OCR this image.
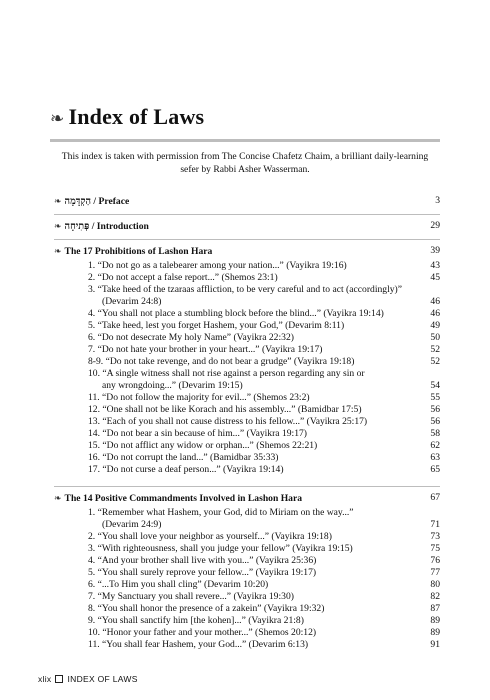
❧ Index of Laws
This index is taken with permission from The Concise Chafetz Chaim, a brilliant daily-learning sefer by Rabbi Asher Wasserman.
❧ הַקְדָּמָה / Preface	3
❧ פְּתִיחָה / Introduction	29
❧ The 17 Prohibitions of Lashon Hara	39
1. “Do not go as a talebearer among your nation...” (Vayikra 19:16)	43
2. “Do not accept a false report...” (Shemos 23:1)	45
3. “Take heed of the tzaraas affliction, to be very careful and to act (accordingly)”
(Devarim 24:8)	46
4. “You shall not place a stumbling block before the blind...” (Vayikra 19:14)	46
5. “Take heed, lest you forget Hashem, your God,” (Devarim 8:11)	49
6. “Do not desecrate My holy Name” (Vayikra 22:32)	50
7. “Do not hate your brother in your heart...” (Vayikra 19:17)	52
8-9. “Do not take revenge, and do not bear a grudge” (Vayikra 19:18)	52
10. “A single witness shall not rise against a person regarding any sin or
any wrongdoing...” (Devarim 19:15)	54
11. “Do not follow the majority for evil...” (Shemos 23:2)	55
12. “One shall not be like Korach and his assembly...” (Bamidbar 17:5)	56
13. “Each of you shall not cause distress to his fellow...” (Vayikra 25:17)	56
14. “Do not bear a sin because of him...” (Vayikra 19:17)	58
15. “Do not afflict any widow or orphan...” (Shemos 22:21)	62
16. “Do not corrupt the land...” (Bamidbar 35:33)	63
17. “Do not curse a deaf person...” (Vayikra 19:14)	65
❧ The 14 Positive Commandments Involved in Lashon Hara	67
1. “Remember what Hashem, your God, did to Miriam on the way...”
(Devarim 24:9)	71
2. “You shall love your neighbor as yourself...” (Vayikra 19:18)	73
3. “With righteousness, shall you judge your fellow” (Vayikra 19:15)	75
4. “And your brother shall live with you...” (Vayikra 25:36)	76
5. “You shall surely reprove your fellow...” (Vayikra 19:17)	77
6. “...To Him you shall cling” (Devarim 10:20)	80
7. “My Sanctuary you shall revere...” (Vayikra 19:30)	82
8. “You shall honor the presence of a zakein” (Vayikra 19:32)	87
9. “You shall sanctify him [the kohen]...” (Vayikra 21:8)	89
10. “Honor your father and your mother...” (Shemos 20:12)	89
11. “You shall fear Hashem, your God...” (Devarim 6:13)	91
xlix INDEX OF LAWS
